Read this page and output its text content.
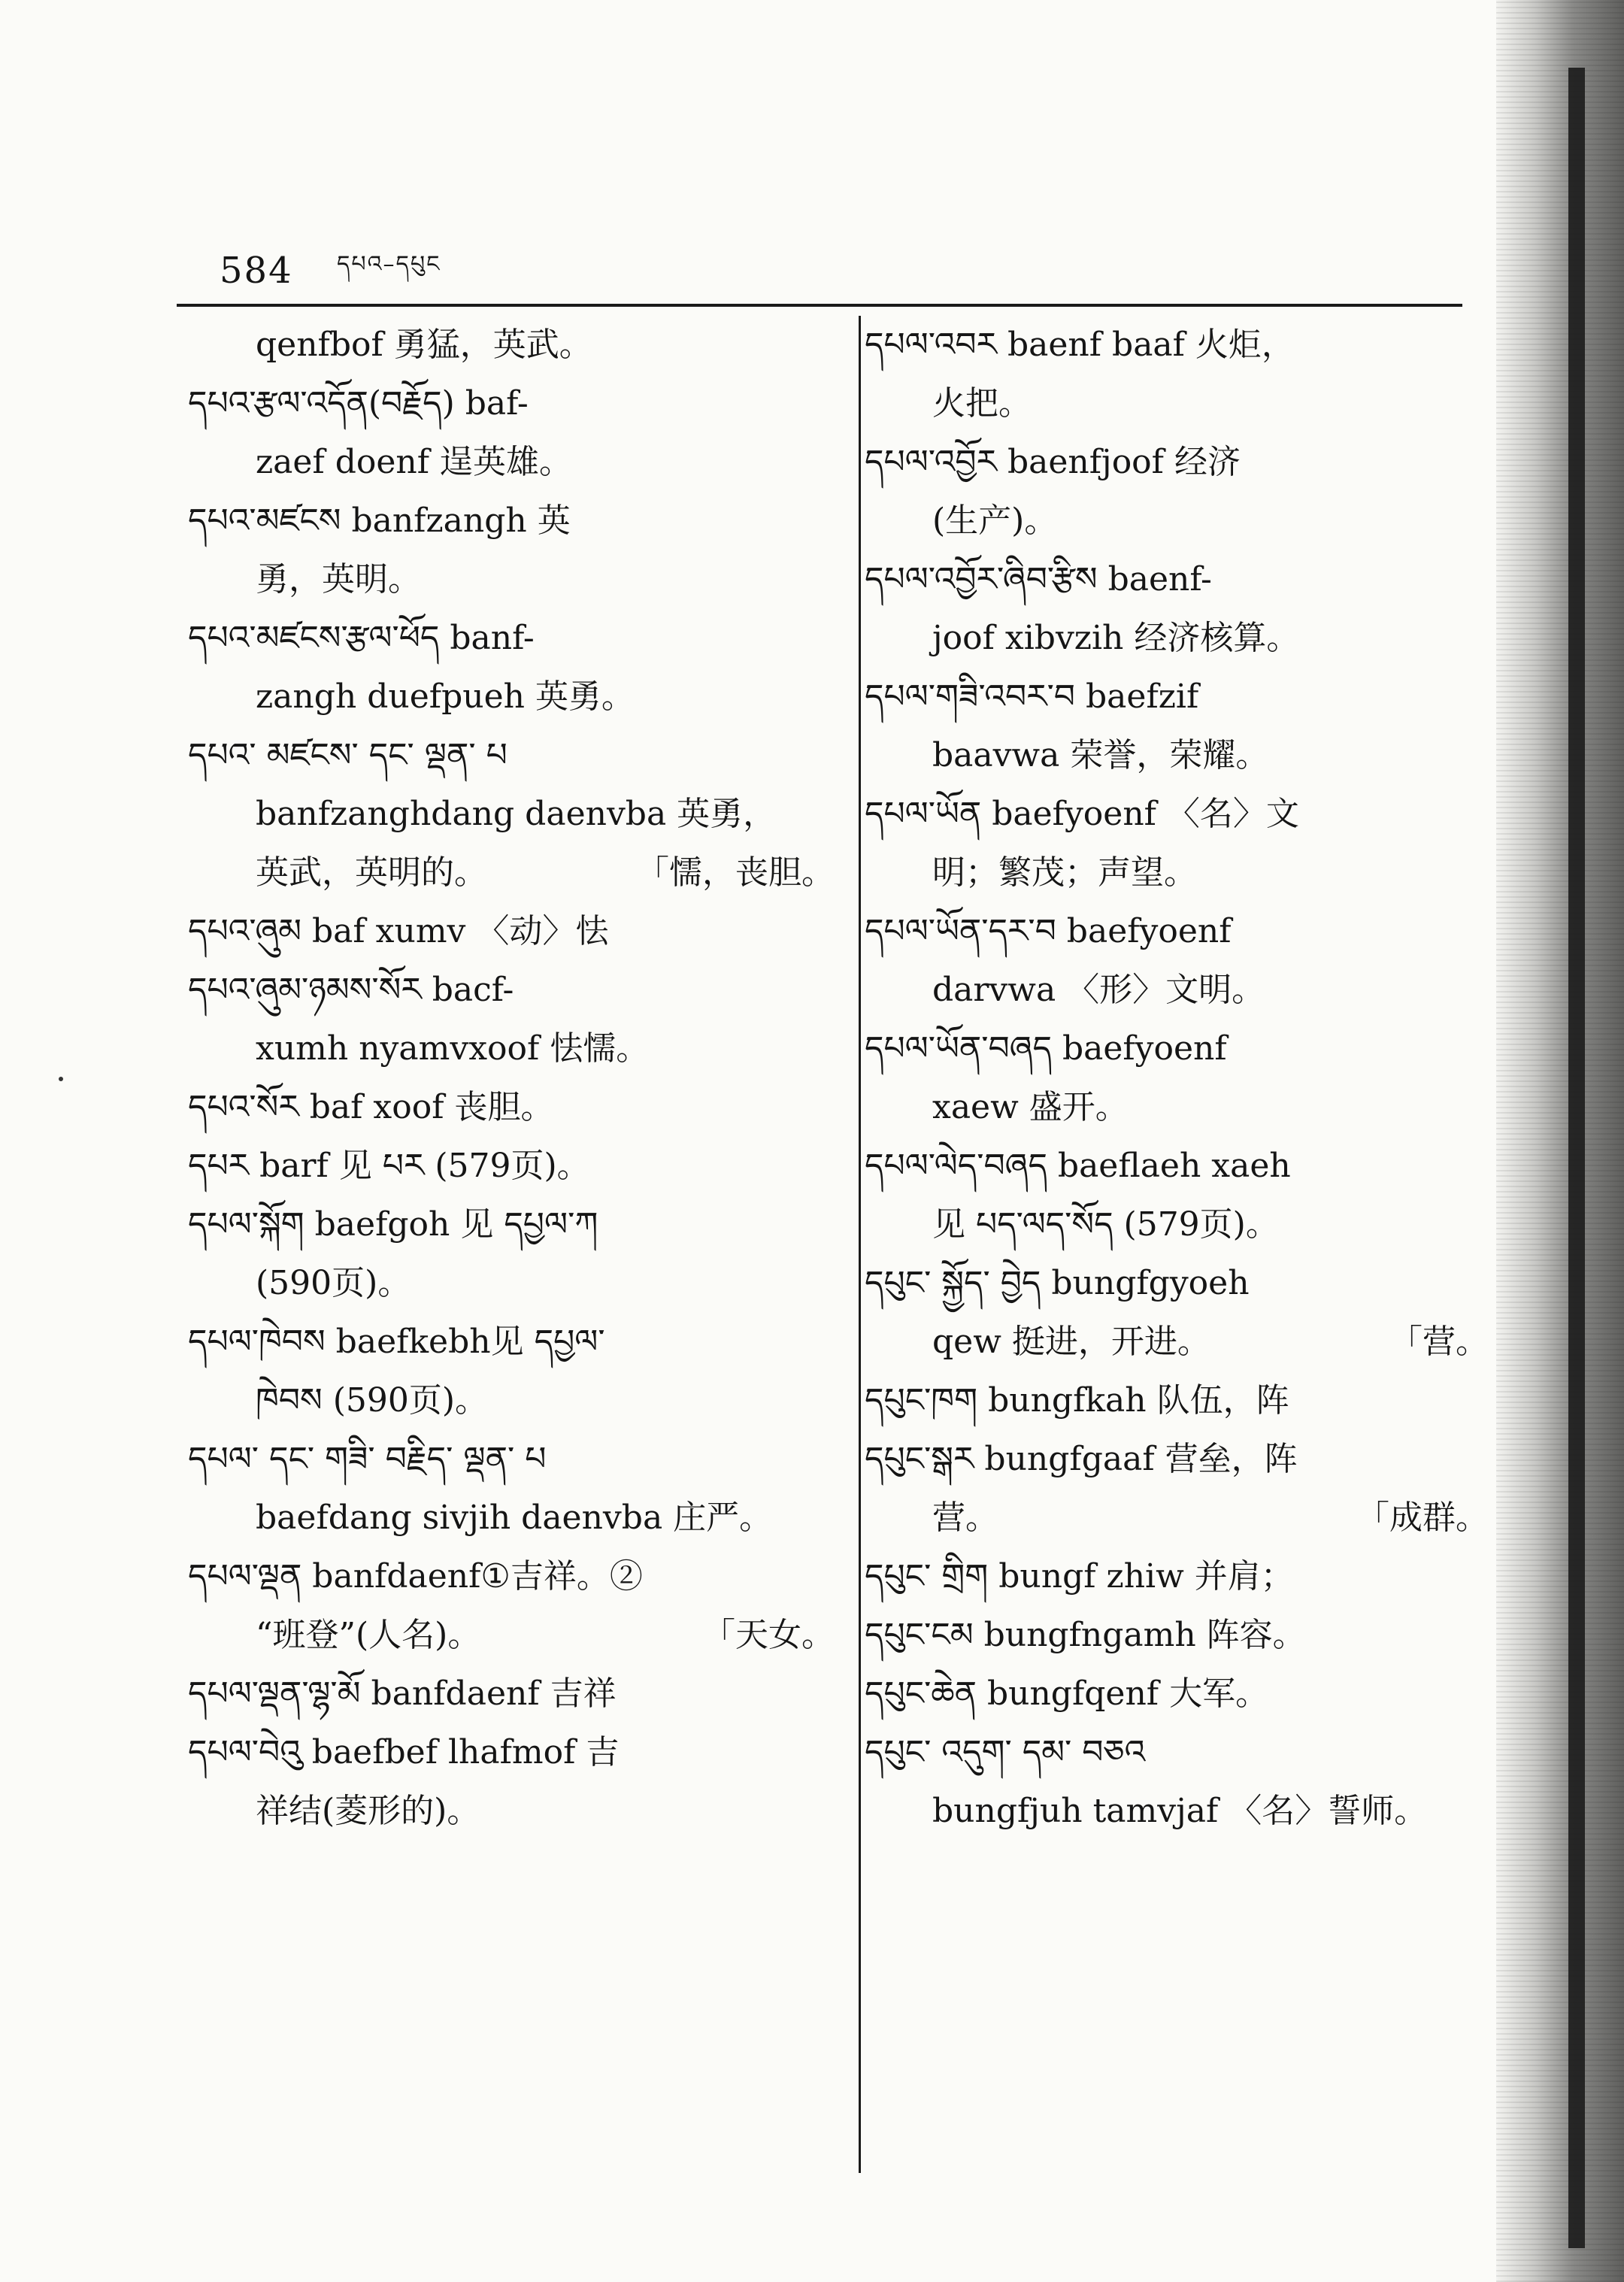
584 དཔའ–དཔུང
qenfbof 勇猛，英武。
དཔའ་རྩལ་འདོན(བརྗོད) baf-
zaef doenf 逞英雄。
དཔའ་མཛངས banfzangh 英
勇，英明。
དཔའ་མཛངས་རྩལ་ཕོད banf-
zangh duefpueh 英勇。
དཔའ་ མཛངས་ དང་ ལྡན་ པ
banfzanghdang daenvba 英勇，
英武，英明的。	「懦，丧胆。
དཔའ་ཞུམ baf xumv 〈动〉怯
དཔའ་ཞུམ་ཉམས་སོར bacf-
xumh nyamvxoof 怯懦。
དཔའ་སོར baf xoof 丧胆。
དཔར barf 见 པར (579页)。
དཔལ་སྐོག baefgoh 见 དཔྱལ་ཀ
(590页)。
དཔལ་ཁེབས baefkebh见 དཔྱལ་
ཁེབས (590页)。
དཔལ་ དང་ གཟི་ བརྗིད་ ལྡན་ པ
baefdang sivjih daenvba 庄严。
དཔལ་ལྡན banfdaenf①吉祥。②
“班登”(人名)。	「天女。
དཔལ་ལྡན་ལྷ་མོ banfdaenf 吉祥
དཔལ་བེའུ baefbef lhafmof 吉
祥结(菱形的)。
དཔལ་འབར baenf baaf 火炬，
火把。
དཔལ་འབྱོར baenfjoof 经济
(生产)。
དཔལ་འབྱོར་ཞིབ་རྩིས baenf-
joof xibvzih 经济核算。
དཔལ་གཟི་འབར་བ baefzif
baavwa 荣誉，荣耀。
དཔལ་ཡོན baefyoenf 〈名〉文
明；繁茂；声望。
དཔལ་ཡོན་དར་བ baefyoenf
darvwa 〈形〉文明。
དཔལ་ཡོན་བཞད baefyoenf
xaew 盛开。
དཔལ་ལེད་བཞད baeflaeh xaeh
见 པད་ལད་སོད (579页)。
དཔུང་ སྐྱོད་ བྱེད bungfgyoeh
qew 挺进，开进。	「营。
དཔུང་ཁག bungfkah 队伍，阵
དཔུང་སྒར bungfgaaf 营垒，阵
营。	「成群。
དཔུང་ གྲིག bungf zhiw 并肩；
དཔུང་ངམ bungfngamh 阵容。
དཔུང་ཆེན bungfqenf 大军。
དཔུང་ འདུག་ དམ་ བཅའ
bungfjuh tamvjaf 〈名〉誓师。
